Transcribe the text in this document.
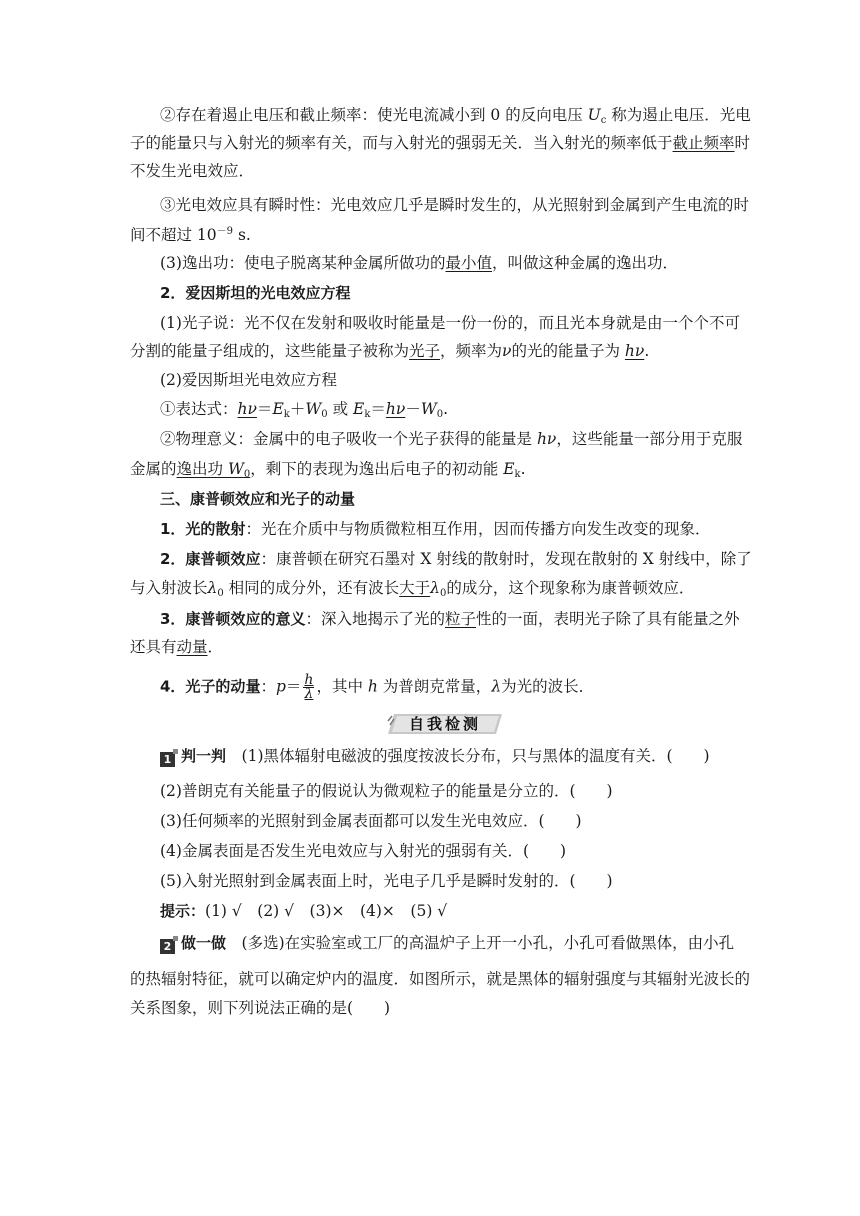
②存在着遏止电压和截止频率：使光电流减小到 0 的反向电压 $U_c$ 称为遏止电压．光电
子的能量只与入射光的频率有关，而与入射光的强弱无关．当入射光的频率低于截止频率时
不发生光电效应．
③光电效应具有瞬时性：光电效应几乎是瞬时发生的，从光照射到金属到产生电流的时
间不超过 $10^{-9}$ s.
(3)逸出功：使电子脱离某种金属所做功的最小值，叫做这种金属的逸出功．
2．爱因斯坦的光电效应方程
(1)光子说：光不仅在发射和吸收时能量是一份一份的，而且光本身就是由一个个不可
分割的能量子组成的，这些能量子被称为光子，频率为ν的光的能量子为 hν.
(2)爱因斯坦光电效应方程
①表达式：$h\nu=E_k+W_0$ 或 $E_k=h\nu-W_0$.
②物理意义：金属中的电子吸收一个光子获得的能量是 hν，这些能量一部分用于克服
金属的逸出功 $W_0$，剩下的表现为逸出后电子的初动能 $E_k$.
三、康普顿效应和光子的动量
1．光的散射：光在介质中与物质微粒相互作用，因而传播方向发生改变的现象．
2．康普顿效应：康普顿在研究石墨对 X 射线的散射时，发现在散射的 X 射线中，除了
与入射波长$\lambda_0$ 相同的成分外，还有波长大于$\lambda_0$的成分，这个现象称为康普顿效应．
3．康普顿效应的意义：深入地揭示了光的粒子性的一面，表明光子除了具有能量之外
还具有动量．
4．光子的动量：$p= \frac{h}{\lambda}$ ，其中 h 为普朗克常量，λ为光的波长．
自我检测
1 判一判　 (1)黑体辐射电磁波的强度按波长分布，只与黑体的温度有关．(　　)
(2)普朗克有关能量子的假说认为微观粒子的能量是分立的．(　　)
(3)任何频率的光照射到金属表面都可以发生光电效应．(　　)
(4)金属表面是否发生光电效应与入射光的强弱有关．(　　)
(5)入射光照射到金属表面上时，光电子几乎是瞬时发射的．(　　)
提示：(1) √　(2) √　(3)×　(4)×　(5) √
2 做一做　 (多选)在实验室或工厂的高温炉子上开一小孔，小孔可看做黑体，由小孔
的热辐射特征，就可以确定炉内的温度．如图所示，就是黑体的辐射强度与其辐射光波长的
关系图象，则下列说法正确的是(　　)
